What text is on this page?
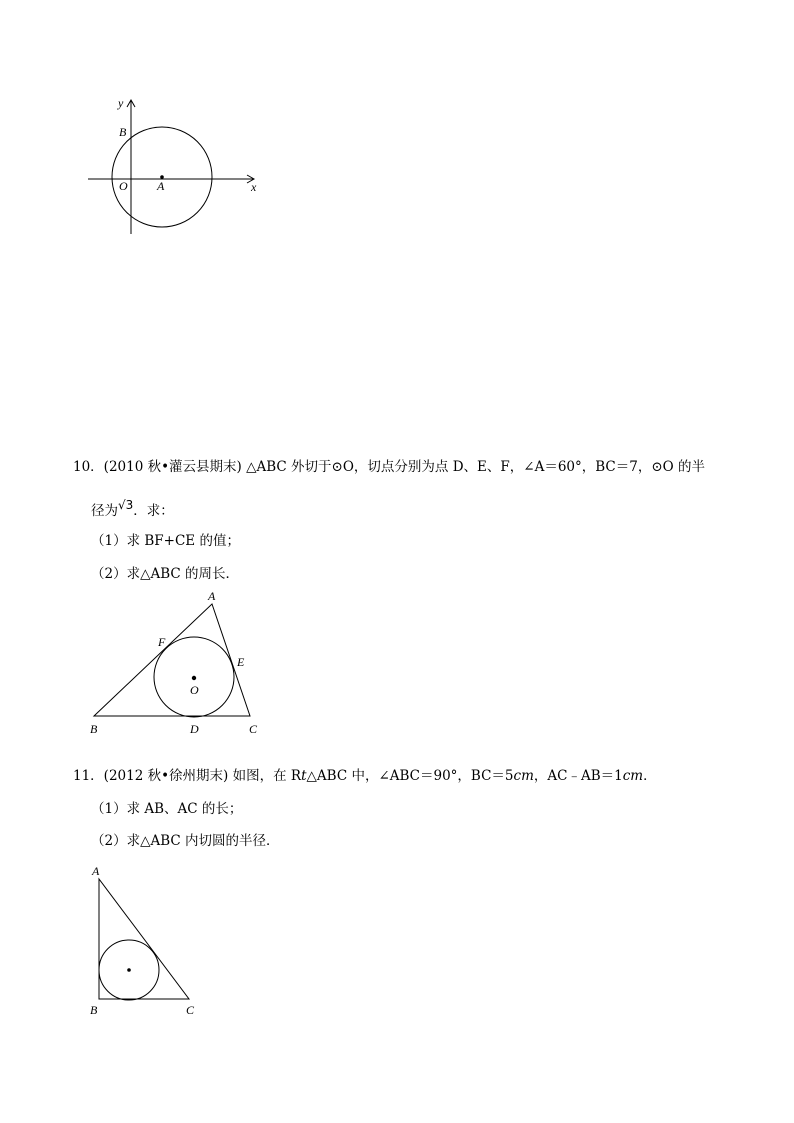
y
x
B
O A
10．(2010 秋•灌云县期末) △ABC 外切于⊙O，切点分别为点 D、E、F，∠A＝60°，BC＝7，⊙O 的半
径为√3．求：
（1）求 BF+CE 的值；
（2）求△ABC 的周长．
A
F
E
O
B	D	C
11．(2012 秋•徐州期末) 如图，在 Rt△ABC 中，∠ABC＝90°，BC＝5cm，AC﹣AB＝1cm．
（1）求 AB、AC 的长；
（2）求△ABC 内切圆的半径．
A
B	C
